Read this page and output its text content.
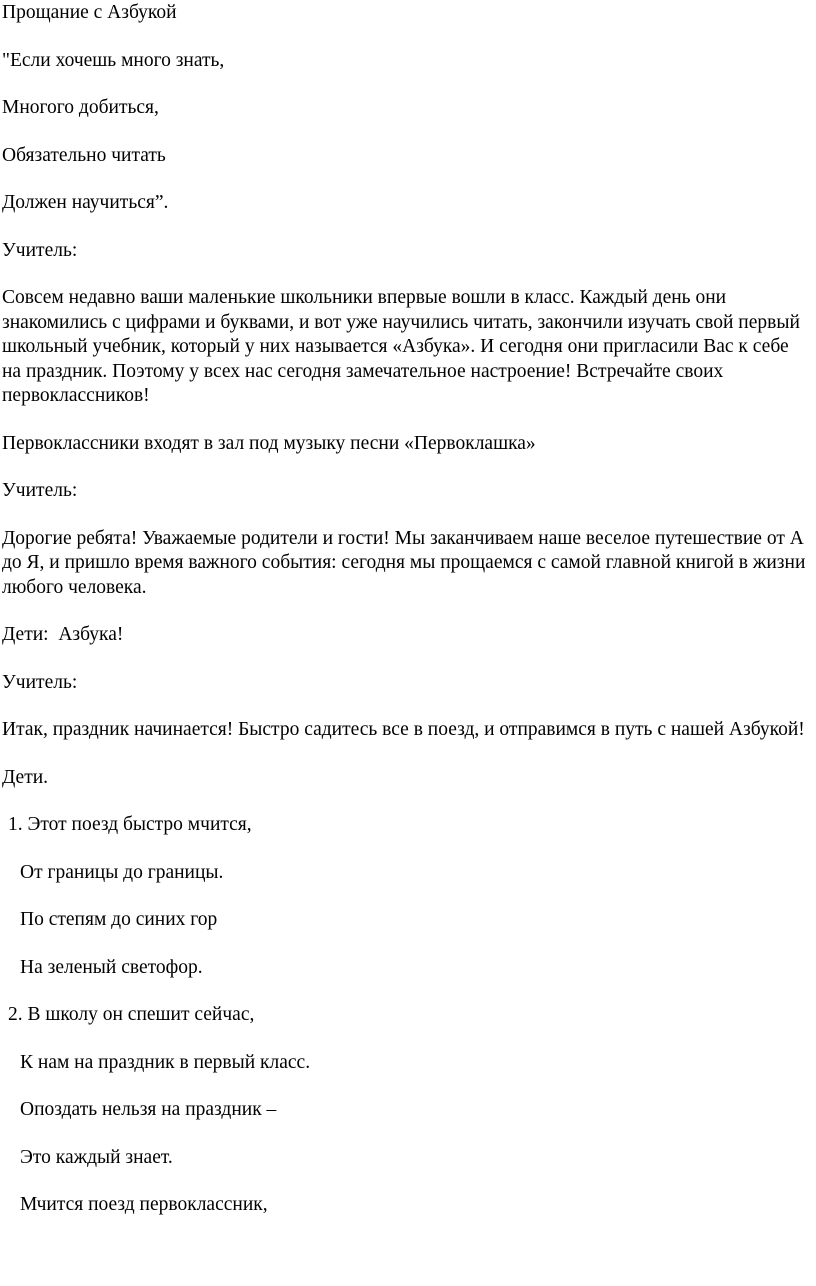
Прощание с Азбукой

"Если хочешь много знать,

Многого добиться,

Обязательно читать

Должен научиться”.

Учитель:

Совсем недавно ваши маленькие школьники впервые вошли в класс. Каждый день они знакомились с цифрами и буквами, и вот уже научились читать, закончили изучать свой первый школьный учебник, который у них называется «Азбука». И сегодня они пригласили Вас к себе на праздник. Поэтому у всех нас сегодня замечательное настроение! Встречайте своих первоклассников!

Первоклассники входят в зал под музыку песни «Первоклашка»

Учитель:

Дорогие ребята! Уважаемые родители и гости! Мы заканчиваем наше веселое путешествие от А до Я, и пришло время важного события: сегодня мы прощаемся с самой главной книгой в жизни любого человека.

Дети:  Азбука!

Учитель:

Итак, праздник начинается! Быстро садитесь все в поезд, и отправимся в путь с нашей Азбукой!

Дети.

1. Этот поезд быстро мчится,

От границы до границы.

По степям до синих гор

На зеленый светофор.

2. В школу он спешит сейчас,

К нам на праздник в первый класс.

Опоздать нельзя на праздник –

Это каждый знает.

Мчится поезд первоклассник,
